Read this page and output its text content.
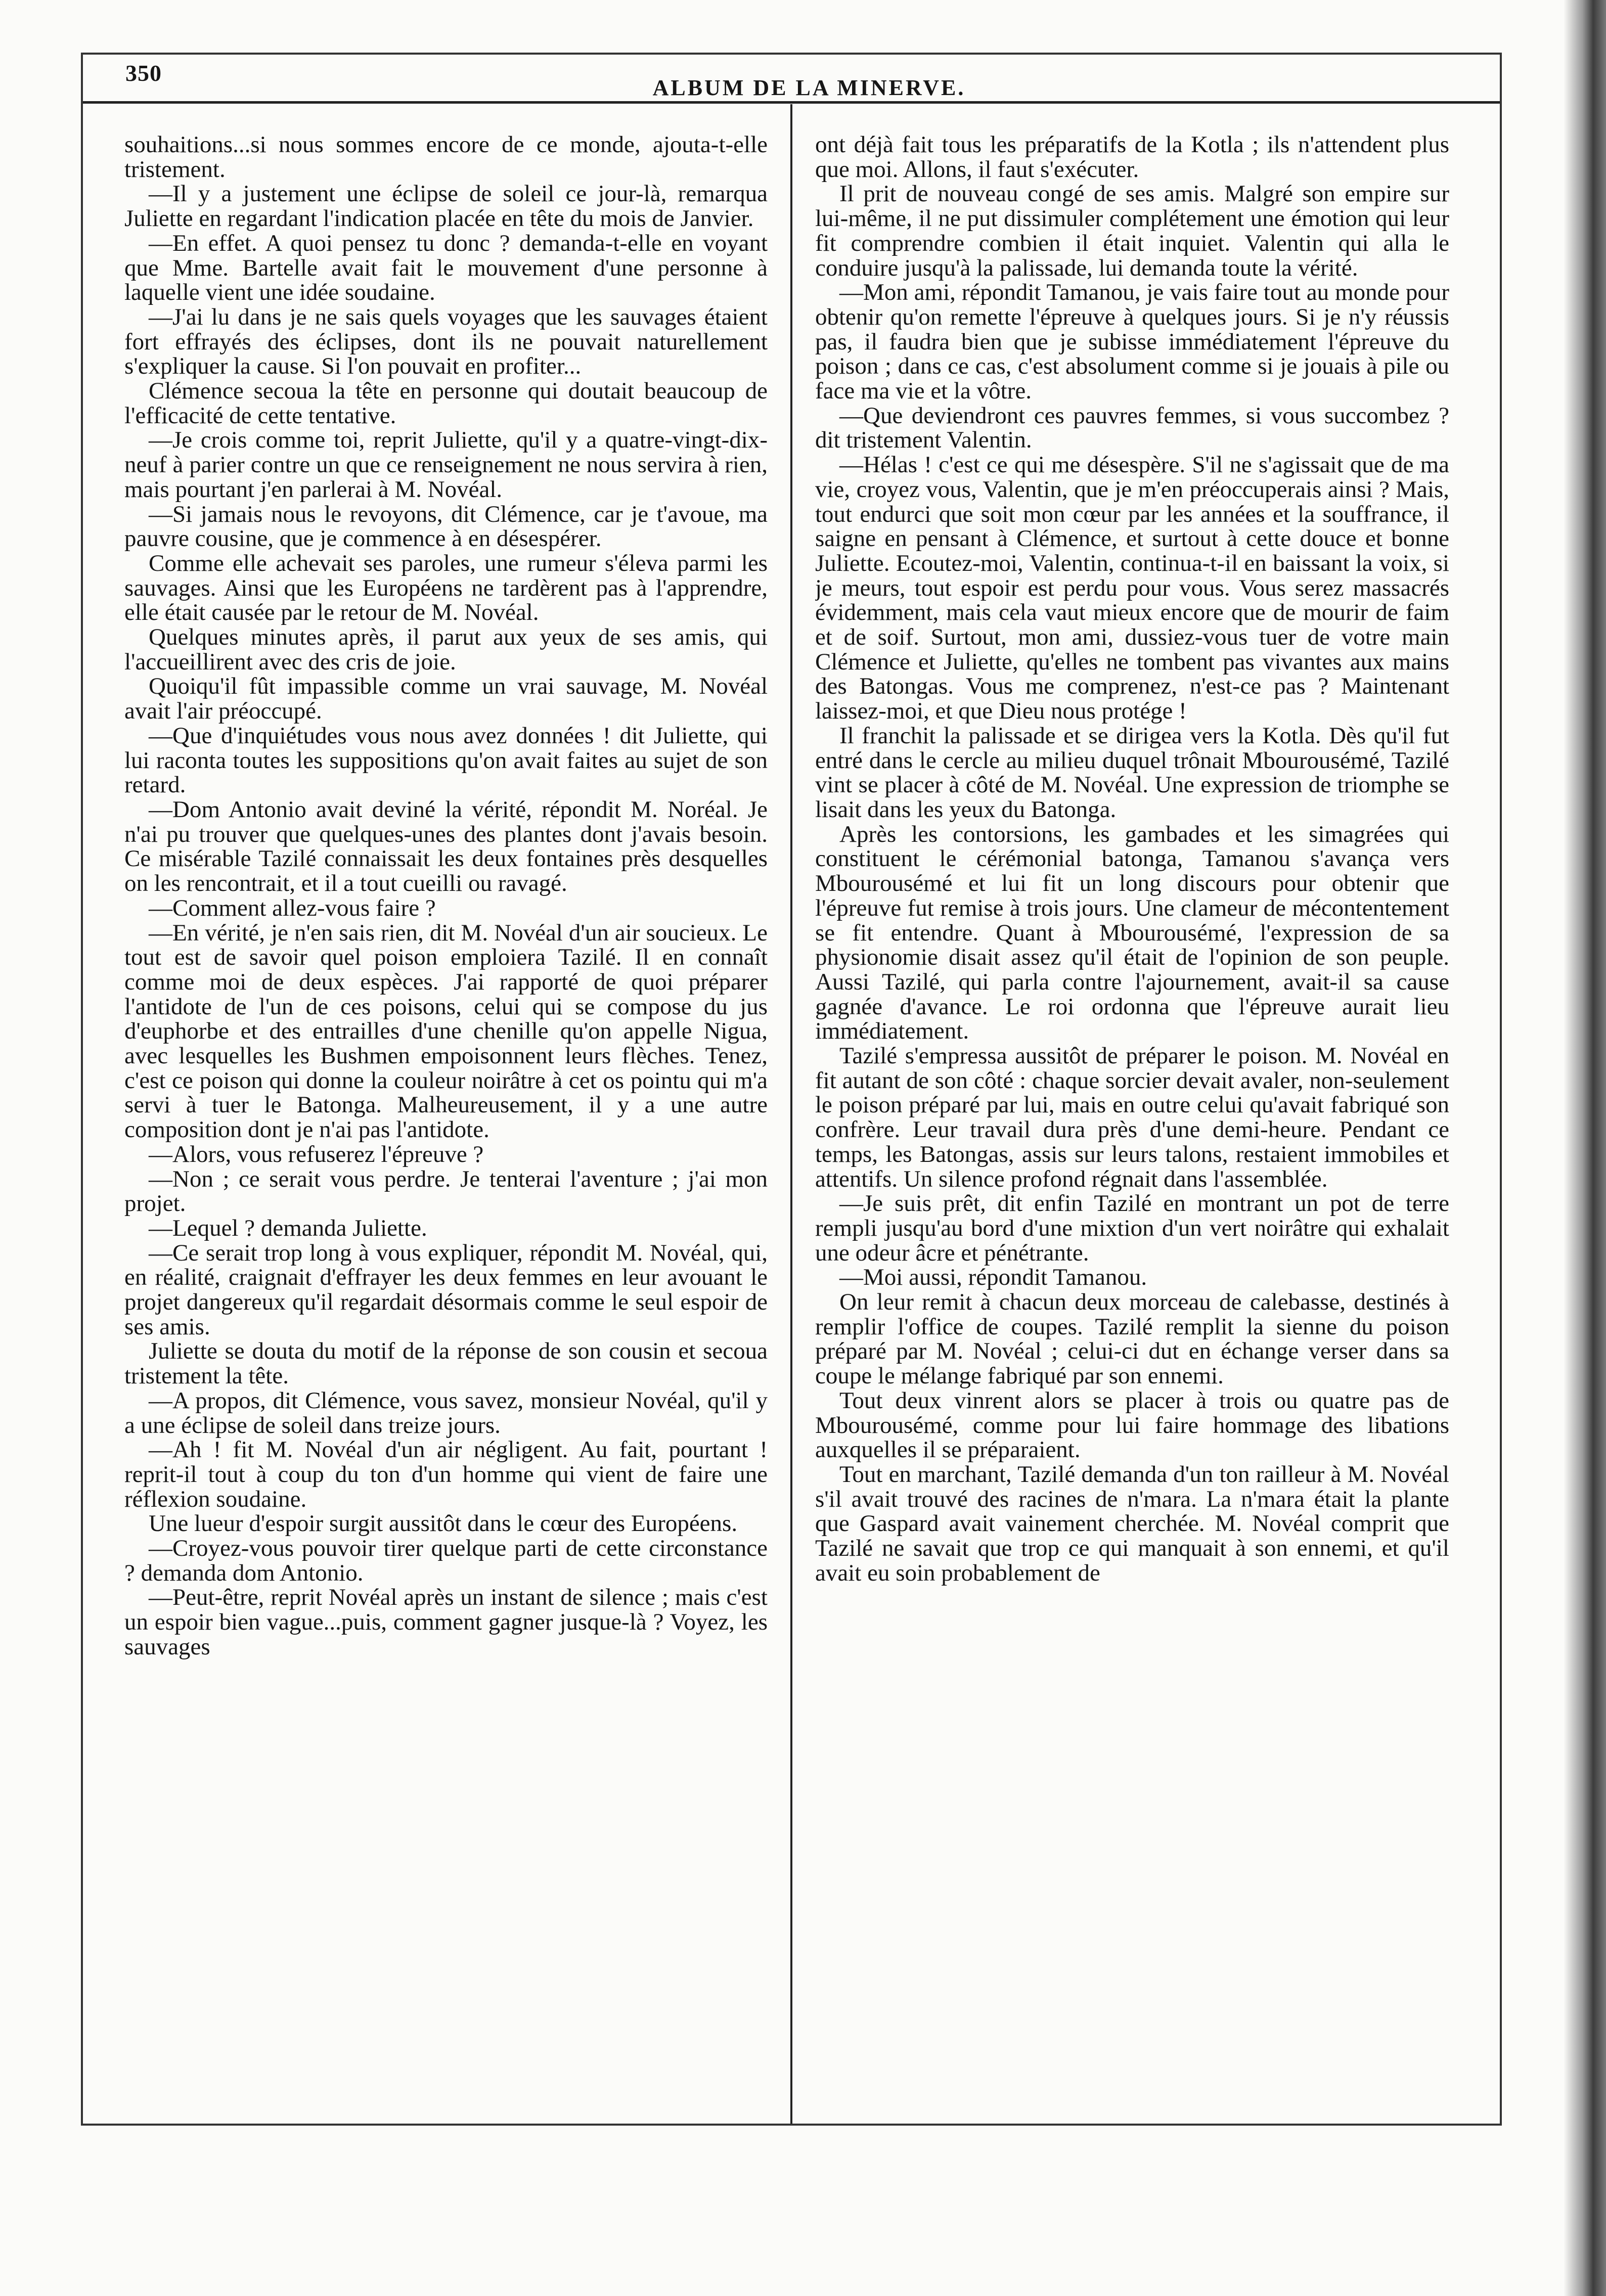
350
ALBUM DE LA MINERVE.

souhaitions...si nous sommes encore de ce monde, ajouta-t-elle tristement.

—Il y a justement une éclipse de soleil ce jour-là, remarqua Juliette en regardant l'indication placée en tête du mois de Janvier.

—En effet. A quoi pensez tu donc ? demanda-t-elle en voyant que Mme. Bartelle avait fait le mouvement d'une personne à laquelle vient une idée soudaine.

—J'ai lu dans je ne sais quels voyages que les sauvages étaient fort effrayés des éclipses, dont ils ne pouvait naturellement s'expliquer la cause. Si l'on pouvait en profiter...

Clémence secoua la tête en personne qui doutait beaucoup de l'efficacité de cette tentative.

—Je crois comme toi, reprit Juliette, qu'il y a quatre-vingt-dix-neuf à parier contre un que ce renseignement ne nous servira à rien, mais pourtant j'en parlerai à M. Novéal.

—Si jamais nous le revoyons, dit Clémence, car je t'avoue, ma pauvre cousine, que je commence à en désespérer.

Comme elle achevait ses paroles, une rumeur s'éleva parmi les sauvages. Ainsi que les Européens ne tardèrent pas à l'apprendre, elle était causée par le retour de M. Novéal.

Quelques minutes après, il parut aux yeux de ses amis, qui l'accueillirent avec des cris de joie.

Quoiqu'il fût impassible comme un vrai sauvage, M. Novéal avait l'air préoccupé.

—Que d'inquiétudes vous nous avez données ! dit Juliette, qui lui raconta toutes les suppositions qu'on avait faites au sujet de son retard.

—Dom Antonio avait deviné la vérité, répondit M. Noréal. Je n'ai pu trouver que quelques-unes des plantes dont j'avais besoin. Ce misérable Tazilé connaissait les deux fontaines près desquelles on les rencontrait, et il a tout cueilli ou ravagé.

—Comment allez-vous faire ?

—En vérité, je n'en sais rien, dit M. Novéal d'un air soucieux. Le tout est de savoir quel poison emploiera Tazilé. Il en connaît comme moi de deux espèces. J'ai rapporté de quoi préparer l'antidote de l'un de ces poisons, celui qui se compose du jus d'euphorbe et des entrailles d'une chenille qu'on appelle Nigua, avec lesquelles les Bushmen empoisonnent leurs flèches. Tenez, c'est ce poison qui donne la couleur noirâtre à cet os pointu qui m'a servi à tuer le Batonga. Malheureusement, il y a une autre composition dont je n'ai pas l'antidote.

—Alors, vous refuserez l'épreuve ?

—Non ; ce serait vous perdre. Je tenterai l'aventure ; j'ai mon projet.

—Lequel ? demanda Juliette.

—Ce serait trop long à vous expliquer, répondit M. Novéal, qui, en réalité, craignait d'effrayer les deux femmes en leur avouant le projet dangereux qu'il regardait désormais comme le seul espoir de ses amis.

Juliette se douta du motif de la réponse de son cousin et secoua tristement la tête.

—A propos, dit Clémence, vous savez, monsieur Novéal, qu'il y a une éclipse de soleil dans treize jours.

—Ah ! fit M. Novéal d'un air négligent. Au fait, pourtant ! reprit-il tout à coup du ton d'un homme qui vient de faire une réflexion soudaine.

Une lueur d'espoir surgit aussitôt dans le cœur des Européens.

—Croyez-vous pouvoir tirer quelque parti de cette circonstance ? demanda dom Antonio.

—Peut-être, reprit Novéal après un instant de silence ; mais c'est un espoir bien vague...puis, comment gagner jusque-là ? Voyez, les sauvages

ont déjà fait tous les préparatifs de la Kotla ; ils n'attendent plus que moi. Allons, il faut s'exécuter.

Il prit de nouveau congé de ses amis. Malgré son empire sur lui-même, il ne put dissimuler complétement une émotion qui leur fit comprendre combien il était inquiet. Valentin qui alla le conduire jusqu'à la palissade, lui demanda toute la vérité.

—Mon ami, répondit Tamanou, je vais faire tout au monde pour obtenir qu'on remette l'épreuve à quelques jours. Si je n'y réussis pas, il faudra bien que je subisse immédiatement l'épreuve du poison ; dans ce cas, c'est absolument comme si je jouais à pile ou face ma vie et la vôtre.

—Que deviendront ces pauvres femmes, si vous succombez ? dit tristement Valentin.

—Hélas ! c'est ce qui me désespère. S'il ne s'agissait que de ma vie, croyez vous, Valentin, que je m'en préoccuperais ainsi ? Mais, tout endurci que soit mon cœur par les années et la souffrance, il saigne en pensant à Clémence, et surtout à cette douce et bonne Juliette. Ecoutez-moi, Valentin, continua-t-il en baissant la voix, si je meurs, tout espoir est perdu pour vous. Vous serez massacrés évidemment, mais cela vaut mieux encore que de mourir de faim et de soif. Surtout, mon ami, dussiez-vous tuer de votre main Clémence et Juliette, qu'elles ne tombent pas vivantes aux mains des Batongas. Vous me comprenez, n'est-ce pas ? Maintenant laissez-moi, et que Dieu nous protége !

Il franchit la palissade et se dirigea vers la Kotla. Dès qu'il fut entré dans le cercle au milieu duquel trônait Mbourousémé, Tazilé vint se placer à côté de M. Novéal. Une expression de triomphe se lisait dans les yeux du Batonga.

Après les contorsions, les gambades et les simagrées qui constituent le cérémonial batonga, Tamanou s'avança vers Mbourousémé et lui fit un long discours pour obtenir que l'épreuve fut remise à trois jours. Une clameur de mécontentement se fit entendre. Quant à Mbourousémé, l'expression de sa physionomie disait assez qu'il était de l'opinion de son peuple. Aussi Tazilé, qui parla contre l'ajournement, avait-il sa cause gagnée d'avance. Le roi ordonna que l'épreuve aurait lieu immédiatement.

Tazilé s'empressa aussitôt de préparer le poison. M. Novéal en fit autant de son côté : chaque sorcier devait avaler, non-seulement le poison préparé par lui, mais en outre celui qu'avait fabriqué son confrère. Leur travail dura près d'une demi-heure. Pendant ce temps, les Batongas, assis sur leurs talons, restaient immobiles et attentifs. Un silence profond régnait dans l'assemblée.

—Je suis prêt, dit enfin Tazilé en montrant un pot de terre rempli jusqu'au bord d'une mixtion d'un vert noirâtre qui exhalait une odeur âcre et pénétrante.

—Moi aussi, répondit Tamanou.

On leur remit à chacun deux morceau de calebasse, destinés à remplir l'office de coupes. Tazilé remplit la sienne du poison préparé par M. Novéal ; celui-ci dut en échange verser dans sa coupe le mélange fabriqué par son ennemi.

Tout deux vinrent alors se placer à trois ou quatre pas de Mbourousémé, comme pour lui faire hommage des libations auxquelles il se préparaient.

Tout en marchant, Tazilé demanda d'un ton railleur à M. Novéal s'il avait trouvé des racines de n'mara. La n'mara était la plante que Gaspard avait vainement cherchée. M. Novéal comprit que Tazilé ne savait que trop ce qui manquait à son ennemi, et qu'il avait eu soin probablement de
